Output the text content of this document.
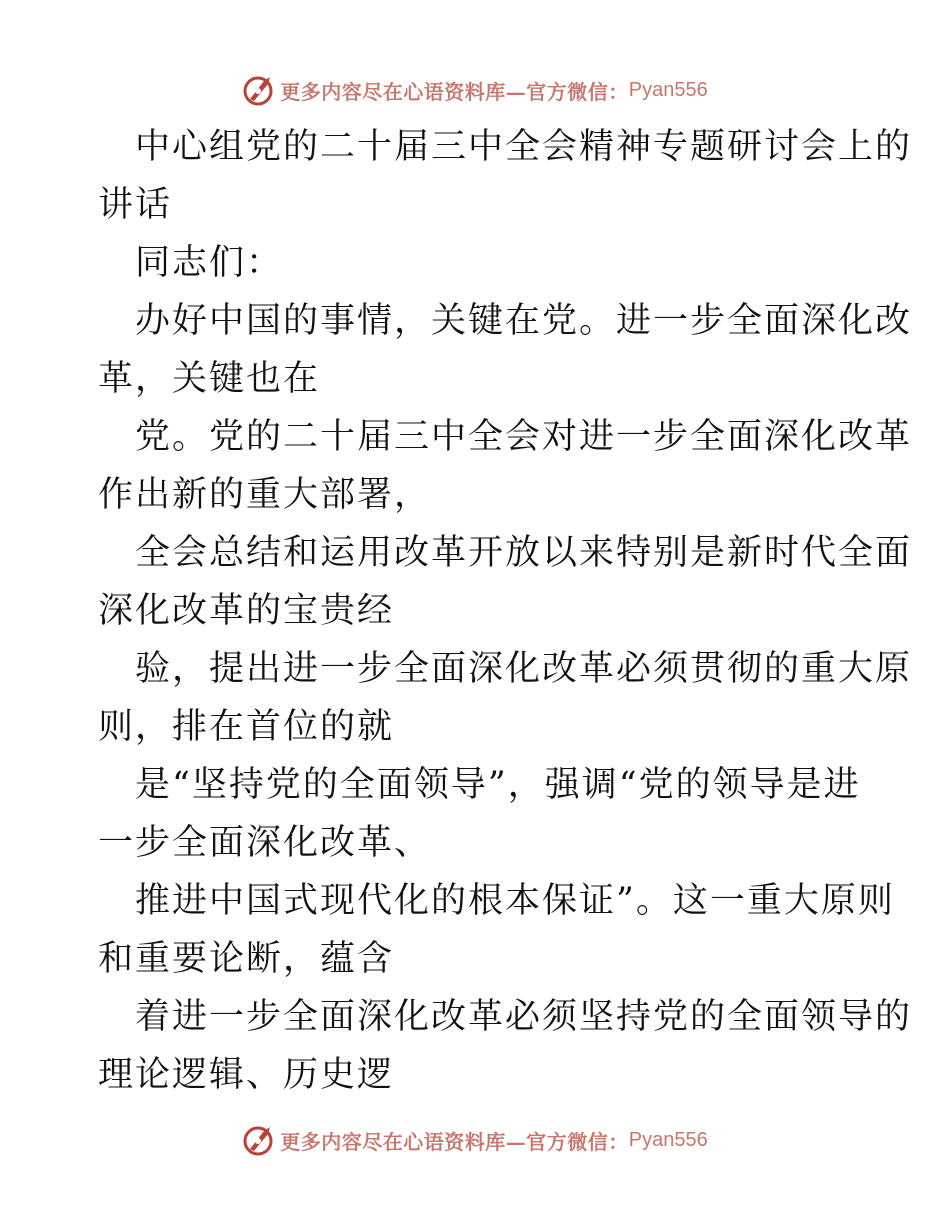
更多内容尽在心语资料库—官方微信： Pyan556
中心组党的二十届三中全会精神专题研讨会上的
讲话
同志们：
办好中国的事情，关键在党。进一步全面深化改
革，关键也在
党。党的二十届三中全会对进一步全面深化改革
作出新的重大部署，
全会总结和运用改革开放以来特别是新时代全面
深化改革的宝贵经
验，提出进一步全面深化改革必须贯彻的重大原
则，排在首位的就
是“坚持党的全面领导”，强调“党的领导是进
一步全面深化改革、
推进中国式现代化的根本保证”。这一重大原则
和重要论断，蕴含
着进一步全面深化改革必须坚持党的全面领导的
理论逻辑、历史逻
更多内容尽在心语资料库—官方微信： Pyan556
